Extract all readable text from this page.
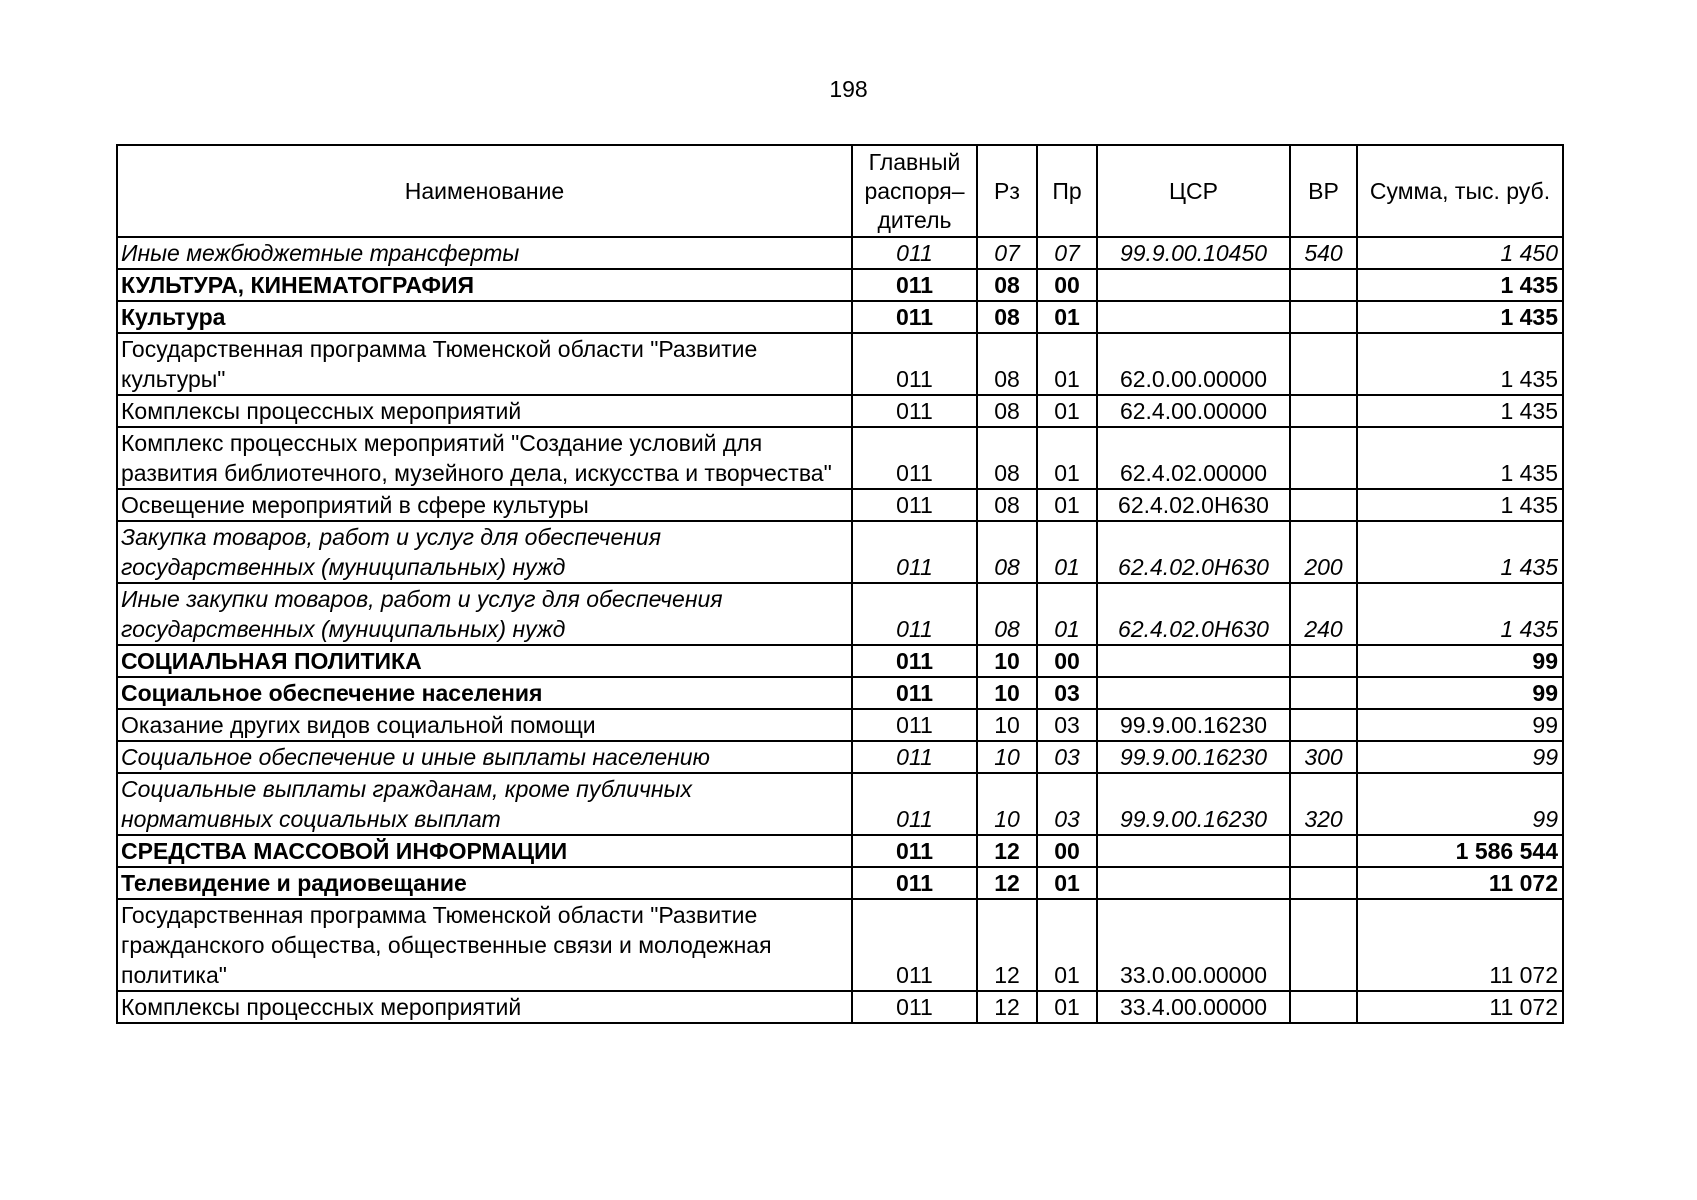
198
Наименование	Главный распоря– дитель	Рз	Пр	ЦСР	ВР	Сумма, тыс. руб.
Иные межбюджетные трансферты	011	07	07	99.9.00.10450	540	1 450
КУЛЬТУРА, КИНЕМАТОГРАФИЯ	011	08	00			1 435
Культура	011	08	01			1 435
Государственная программа Тюменской области "Развитие культуры"	011	08	01	62.0.00.00000		1 435
Комплексы процессных мероприятий	011	08	01	62.4.00.00000		1 435
Комплекс процессных мероприятий "Создание условий для развития библиотечного, музейного дела, искусства и творчества"	011	08	01	62.4.02.00000		1 435
Освещение мероприятий в сфере культуры	011	08	01	62.4.02.0Н630		1 435
Закупка товаров, работ и услуг для обеспечения государственных (муниципальных) нужд	011	08	01	62.4.02.0Н630	200	1 435
Иные закупки товаров, работ и услуг для обеспечения государственных (муниципальных) нужд	011	08	01	62.4.02.0Н630	240	1 435
СОЦИАЛЬНАЯ ПОЛИТИКА	011	10	00			99
Социальное обеспечение населения	011	10	03			99
Оказание других видов социальной помощи	011	10	03	99.9.00.16230		99
Социальное обеспечение и иные выплаты населению	011	10	03	99.9.00.16230	300	99
Социальные выплаты гражданам, кроме публичных нормативных социальных выплат	011	10	03	99.9.00.16230	320	99
СРЕДСТВА МАССОВОЙ ИНФОРМАЦИИ	011	12	00			1 586 544
Телевидение и радиовещание	011	12	01			11 072
Государственная программа Тюменской области "Развитие гражданского общества, общественные связи и молодежная политика"	011	12	01	33.0.00.00000		11 072
Комплексы процессных мероприятий	011	12	01	33.4.00.00000		11 072
